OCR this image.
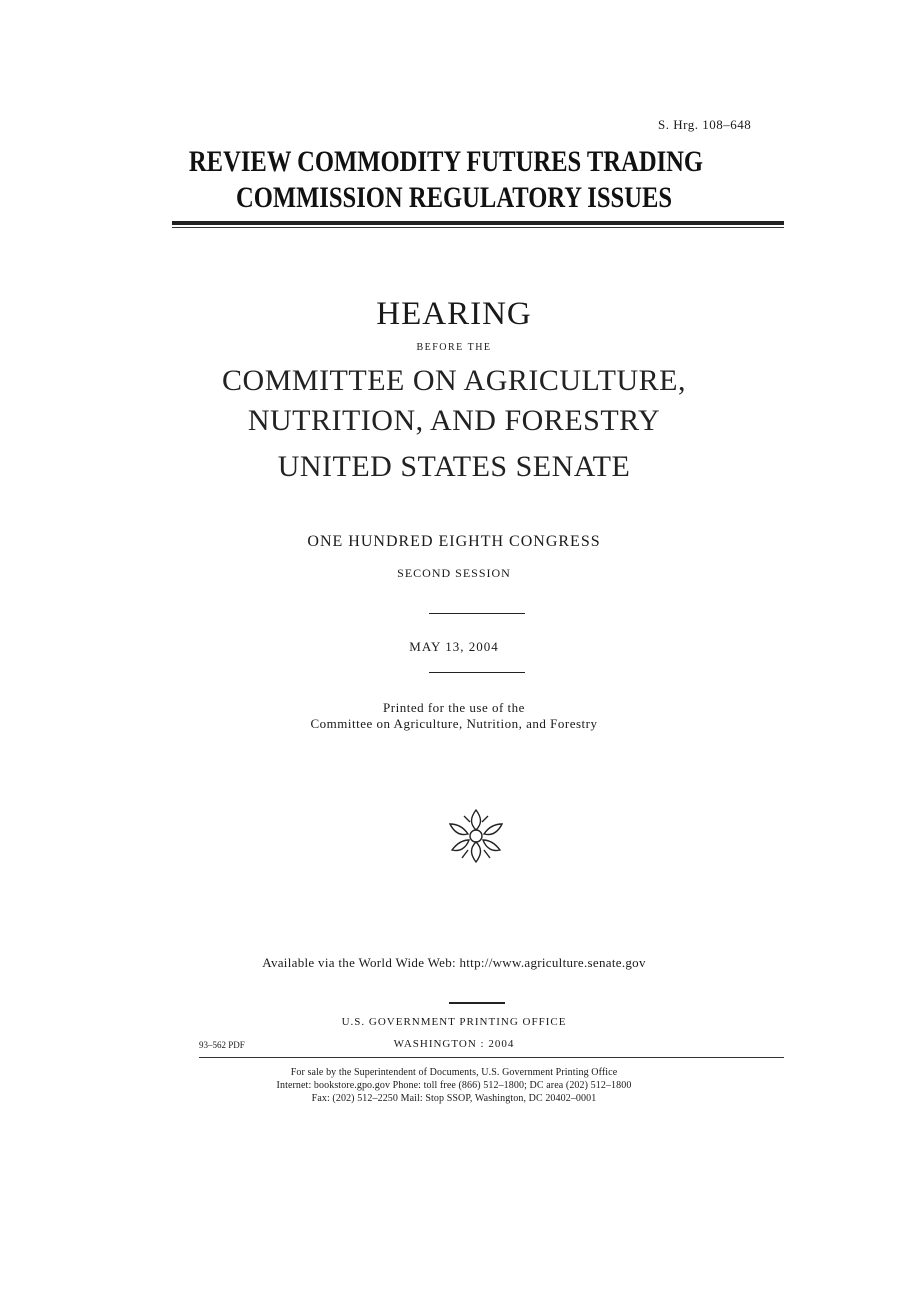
S. Hrg. 108–648
REVIEW COMMODITY FUTURES TRADING
COMMISSION REGULATORY ISSUES
HEARING
BEFORE THE
COMMITTEE ON AGRICULTURE,
NUTRITION, AND FORESTRY
UNITED STATES SENATE
ONE HUNDRED EIGHTH CONGRESS
SECOND SESSION
MAY 13, 2004
Printed for the use of the
Committee on Agriculture, Nutrition, and Forestry
Available via the World Wide Web: http://www.agriculture.senate.gov
U.S. GOVERNMENT PRINTING OFFICE
93–562 PDF	WASHINGTON : 2004
For sale by the Superintendent of Documents, U.S. Government Printing Office
Internet: bookstore.gpo.gov Phone: toll free (866) 512–1800; DC area (202) 512–1800
Fax: (202) 512–2250 Mail: Stop SSOP, Washington, DC 20402–0001
